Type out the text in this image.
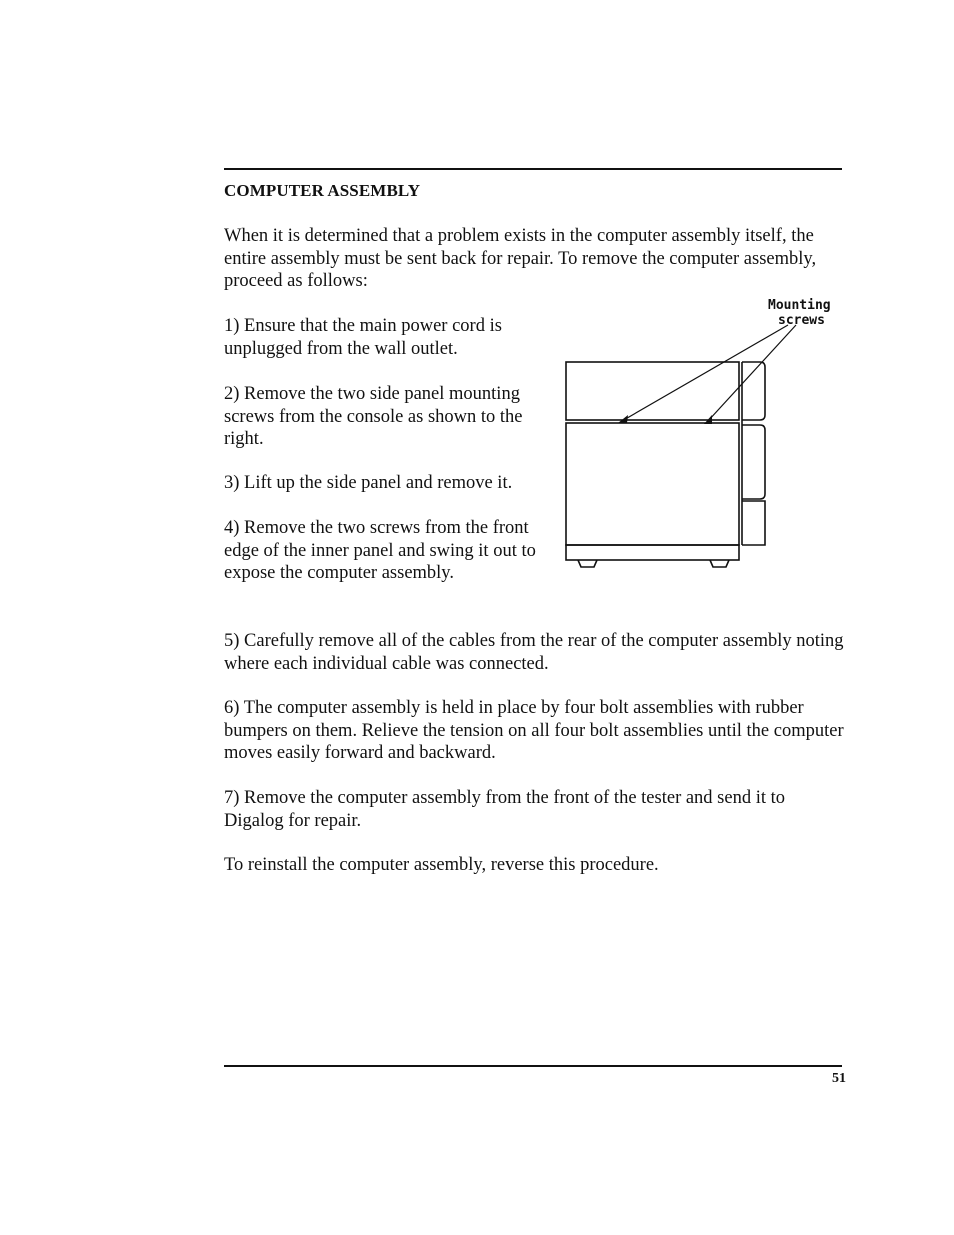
COMPUTER ASSEMBLY

When it is determined that a problem exists in the computer assembly itself, the entire assembly must be sent back for repair. To remove the computer assembly, proceed as follows:

1) Ensure that the main power cord is unplugged from the wall outlet.

2) Remove the two side panel mounting screws from the console as shown to the right.

3) Lift up the side panel and remove it.

4) Remove the two screws from the front edge of the inner panel and swing it out to expose the computer assembly.

5) Carefully remove all of the cables from the rear of the computer assembly noting where each individual cable was connected.

6) The computer assembly is held in place by four bolt assemblies with rubber bumpers on them. Relieve the tension on all four bolt assemblies until the computer moves easily forward and backward.

7) Remove the computer assembly from the front of the tester and send it to Digalog for repair.

To reinstall the computer assembly, reverse this procedure.

Mounting
screws
51
